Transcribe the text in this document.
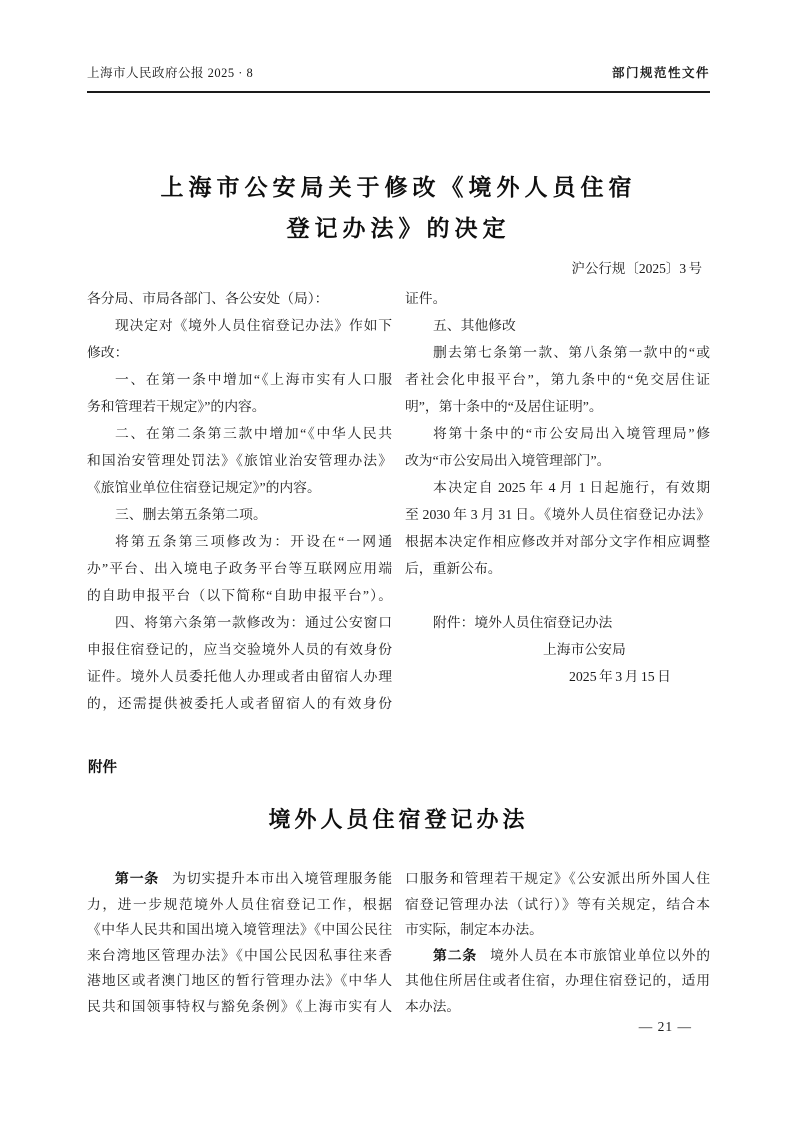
上海市人民政府公报 2025 · 8	部门规范性文件
上海市公安局关于修改《境外人员住宿
登记办法》的决定
沪公行规〔2025〕3 号
各分局、市局各部门、各公安处（局）：
现决定对《境外人员住宿登记办法》作如下
修改：
一、在第一条中增加“《上海市实有人口服
务和管理若干规定》”的内容。
二、在第二条第三款中增加“《中华人民共
和国治安管理处罚法》《旅馆业治安管理办法》
《旅馆业单位住宿登记规定》”的内容。
三、删去第五条第二项。
将第五条第三项修改为：开设在“一网通
办”平台、出入境电子政务平台等互联网应用端
的自助申报平台（以下简称“自助申报平台”）。
四、将第六条第一款修改为：通过公安窗口
申报住宿登记的，应当交验境外人员的有效身份
证件。境外人员委托他人办理或者由留宿人办理
的，还需提供被委托人或者留宿人的有效身份
证件。
五、其他修改
删去第七条第一款、第八条第一款中的“或
者社会化申报平台”，第九条中的“免交居住证
明”，第十条中的“及居住证明”。
将第十条中的“市公安局出入境管理局”修
改为“市公安局出入境管理部门”。
本决定自 2025 年 4 月 1 日起施行，有效期
至 2030 年 3 月 31 日。《境外人员住宿登记办法》
根据本决定作相应修改并对部分文字作相应调整
后，重新公布。
附件：境外人员住宿登记办法
上海市公安局
2025 年 3 月 15 日
附件
境外人员住宿登记办法
第一条 为切实提升本市出入境管理服务能
力，进一步规范境外人员住宿登记工作，根据
《中华人民共和国出境入境管理法》《中国公民往
来台湾地区管理办法》《中国公民因私事往来香
港地区或者澳门地区的暂行管理办法》《中华人
民共和国领事特权与豁免条例》《上海市实有人
口服务和管理若干规定》《公安派出所外国人住
宿登记管理办法（试行）》等有关规定，结合本
市实际，制定本办法。
第二条 境外人员在本市旅馆业单位以外的
其他住所居住或者住宿，办理住宿登记的，适用
本办法。
— 21 —
